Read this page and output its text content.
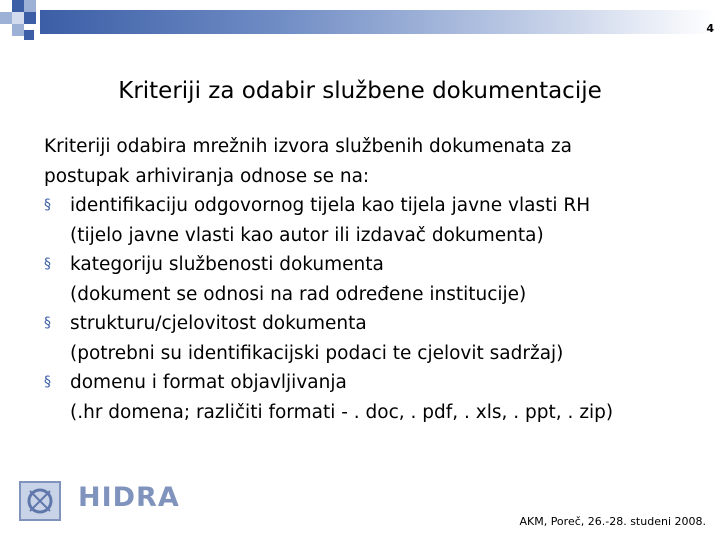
4
Kriteriji za odabir službene dokumentacije

Kriteriji odabira mrežnih izvora službenih dokumenata za
postupak arhiviranja odnose se na:

§ identifikaciju odgovornog tijela kao tijela javne vlasti RH
(tijelo javne vlasti kao autor ili izdavač dokumenta)
§ kategoriju službenosti dokumenta
(dokument se odnosi na rad određene institucije)
§ strukturu/cjelovitost dokumenta
(potrebni su identifikacijski podaci te cjelovit sadržaj)
§ domenu i format objavljivanja
(.hr domena; različiti formati - . doc, . pdf, . xls, . ppt, . zip)
HIDRA
AKM, Poreč, 26.-28. studeni 2008.
